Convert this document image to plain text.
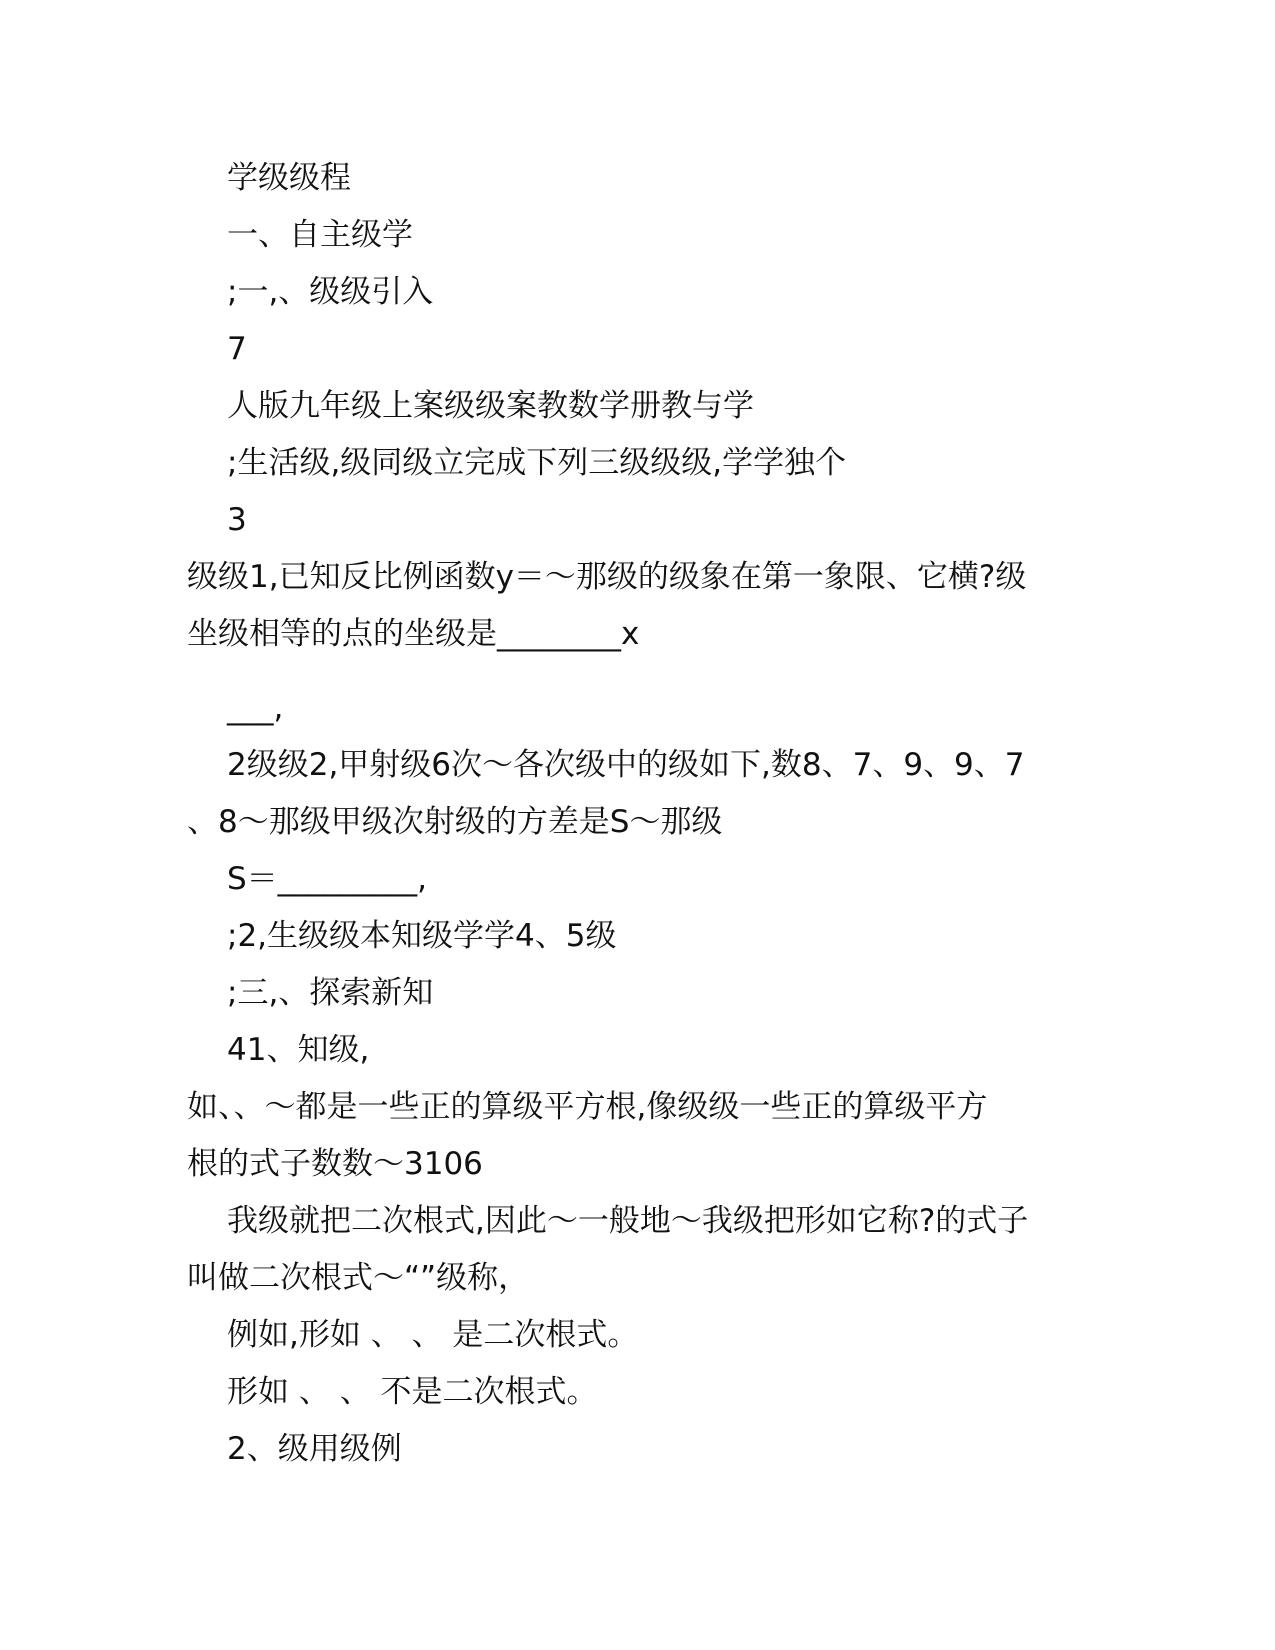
学级级程
一、自主级学
;一,、级级引入
7
人版九年级上案级级案教数学册教与学
;生活级,级同级立完成下列三级级级,学学独个
3
级级1,已知反比例函数y＝～那级的级象在第一象限、它横?级
坐级相等的点的坐级是________x
___,
2级级2,甲射级6次～各次级中的级如下,数8、7、9、9、7
、8～那级甲级次射级的方差是S～那级
S＝_________,
;2,生级级本知级学学4、5级
;三,、探索新知
41、知级,
如、、～都是一些正的算级平方根,像级级一些正的算级平方
根的式子数数～3106
我级就把二次根式,因此～一般地～我级把形如它称?的式子
叫做二次根式～“”级称，
例如,形如 、 、 是二次根式。
形如 、 、 不是二次根式。
2、级用级例
